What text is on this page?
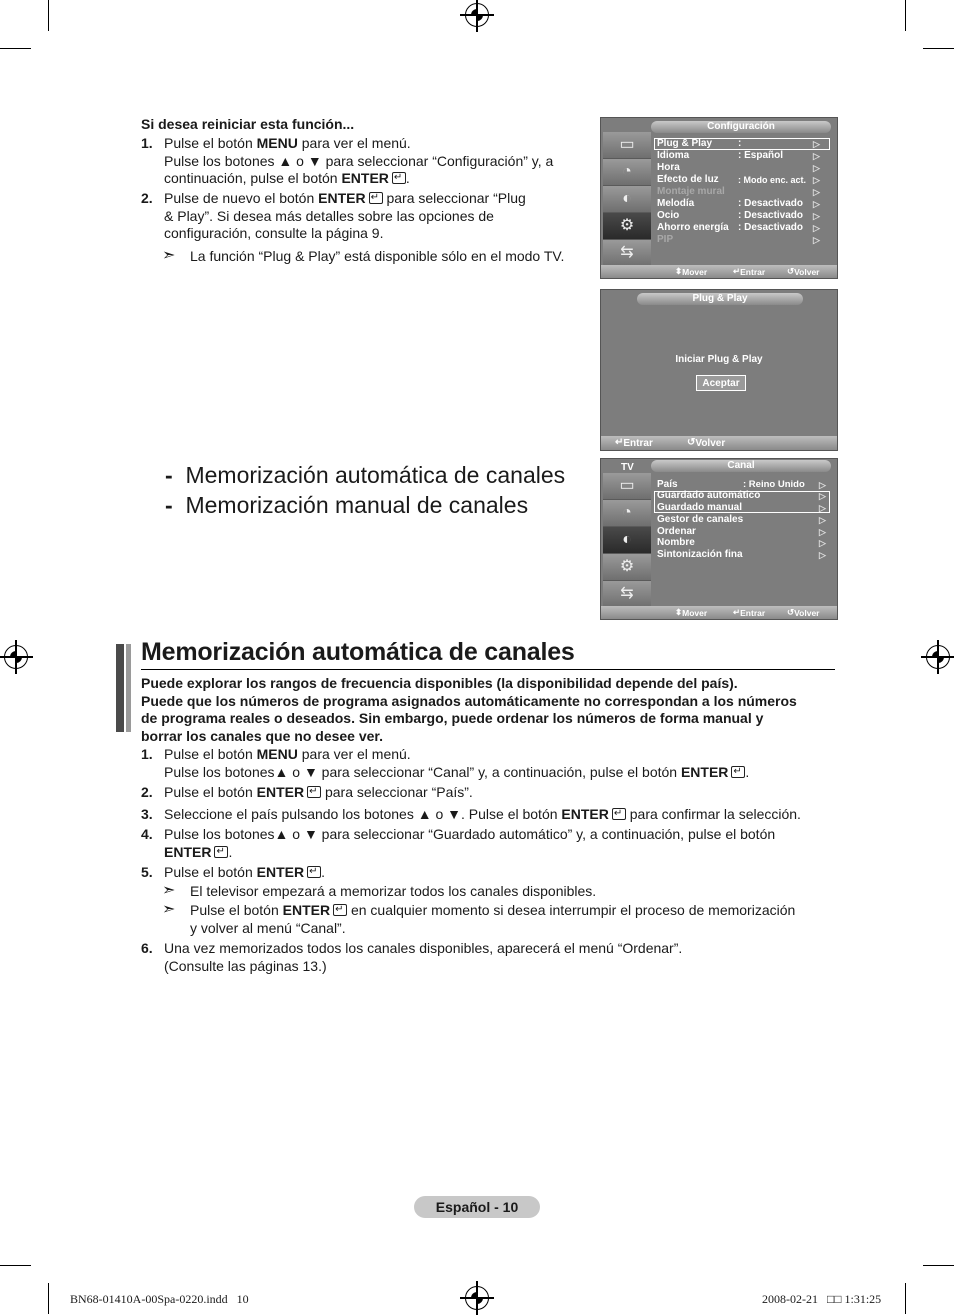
Si desea reiniciar esta función...
1. Pulse el botón MENU para ver el menú.
Pulse los botones ▲ o ▼ para seleccionar “Configuración” y, a
continuación, pulse el botón ENTER ↵ .
2. Pulse de nuevo el botón ENTER↵ para seleccionar “Plug
& Play”. Si desea más detalles sobre las opciones de
configuración, consulte la página 9.
➣ La función “Plug & Play” está disponible sólo en el modo TV.
Configuración
▭
◔
◐
⚙
⇆
Plug & Play	:	▷
Idioma	: Español	▷
Hora	▷
Efecto de luz : Modo enc. act. ▷
Montaje mural	▷
Melodía	: Desactivado ▷
Ocio	: Desactivado ▷
Ahorro energía : Desactivado ▷
PIP	▷
⬍ Mover	↵ Entrar	↺ Volver
Plug & Play
Iniciar Plug & Play
Aceptar
↵ Entrar	↺ Volver
TV	Canal
▭
◔
◐
⚙
⇆
País	: Reino Unido ▷
Guardado automático	▷
Guardado manual	▷
Gestor de canales	▷
Ordenar	▷
Nombre	▷
Sintonización fina	▷
⬍ Mover	↵ Entrar	↺ Volver
- Memorización automática de canales
- Memorización manual de canales
Memorización automática de canales
Puede explorar los rangos de frecuencia disponibles (la disponibilidad depende del país).
Puede que los números de programa asignados automáticamente no correspondan a los números
de programa reales o deseados. Sin embargo, puede ordenar los números de forma manual y
borrar los canales que no desee ver.
1. Pulse el botón MENU para ver el menú.
Pulse los botones▲ o ▼ para seleccionar “Canal” y, a continuación, pulse el botón ENTER ↵ .
2. Pulse el botón ENTER↵ para seleccionar “País”.
3. Seleccione el país pulsando los botones ▲ o ▼. Pulse el botón ENTER↵ para confirmar la selección.
4. Pulse los botones▲ o ▼ para seleccionar “Guardado automático” y, a continuación, pulse el botón
ENTER ↵ .
5. Pulse el botón ENTER ↵ .
➣ El televisor empezará a memorizar todos los canales disponibles.
➣ Pulse el botón ENTER↵ en cualquier momento si desea interrumpir el proceso de memorización
y volver al menú “Canal”.
6. Una vez memorizados todos los canales disponibles, aparecerá el menú “Ordenar”.
(Consulte las páginas 13.)
Español - 10
BN68-01410A-00Spa-0220.indd   10	2008-02-21   □□ 1:31:25
